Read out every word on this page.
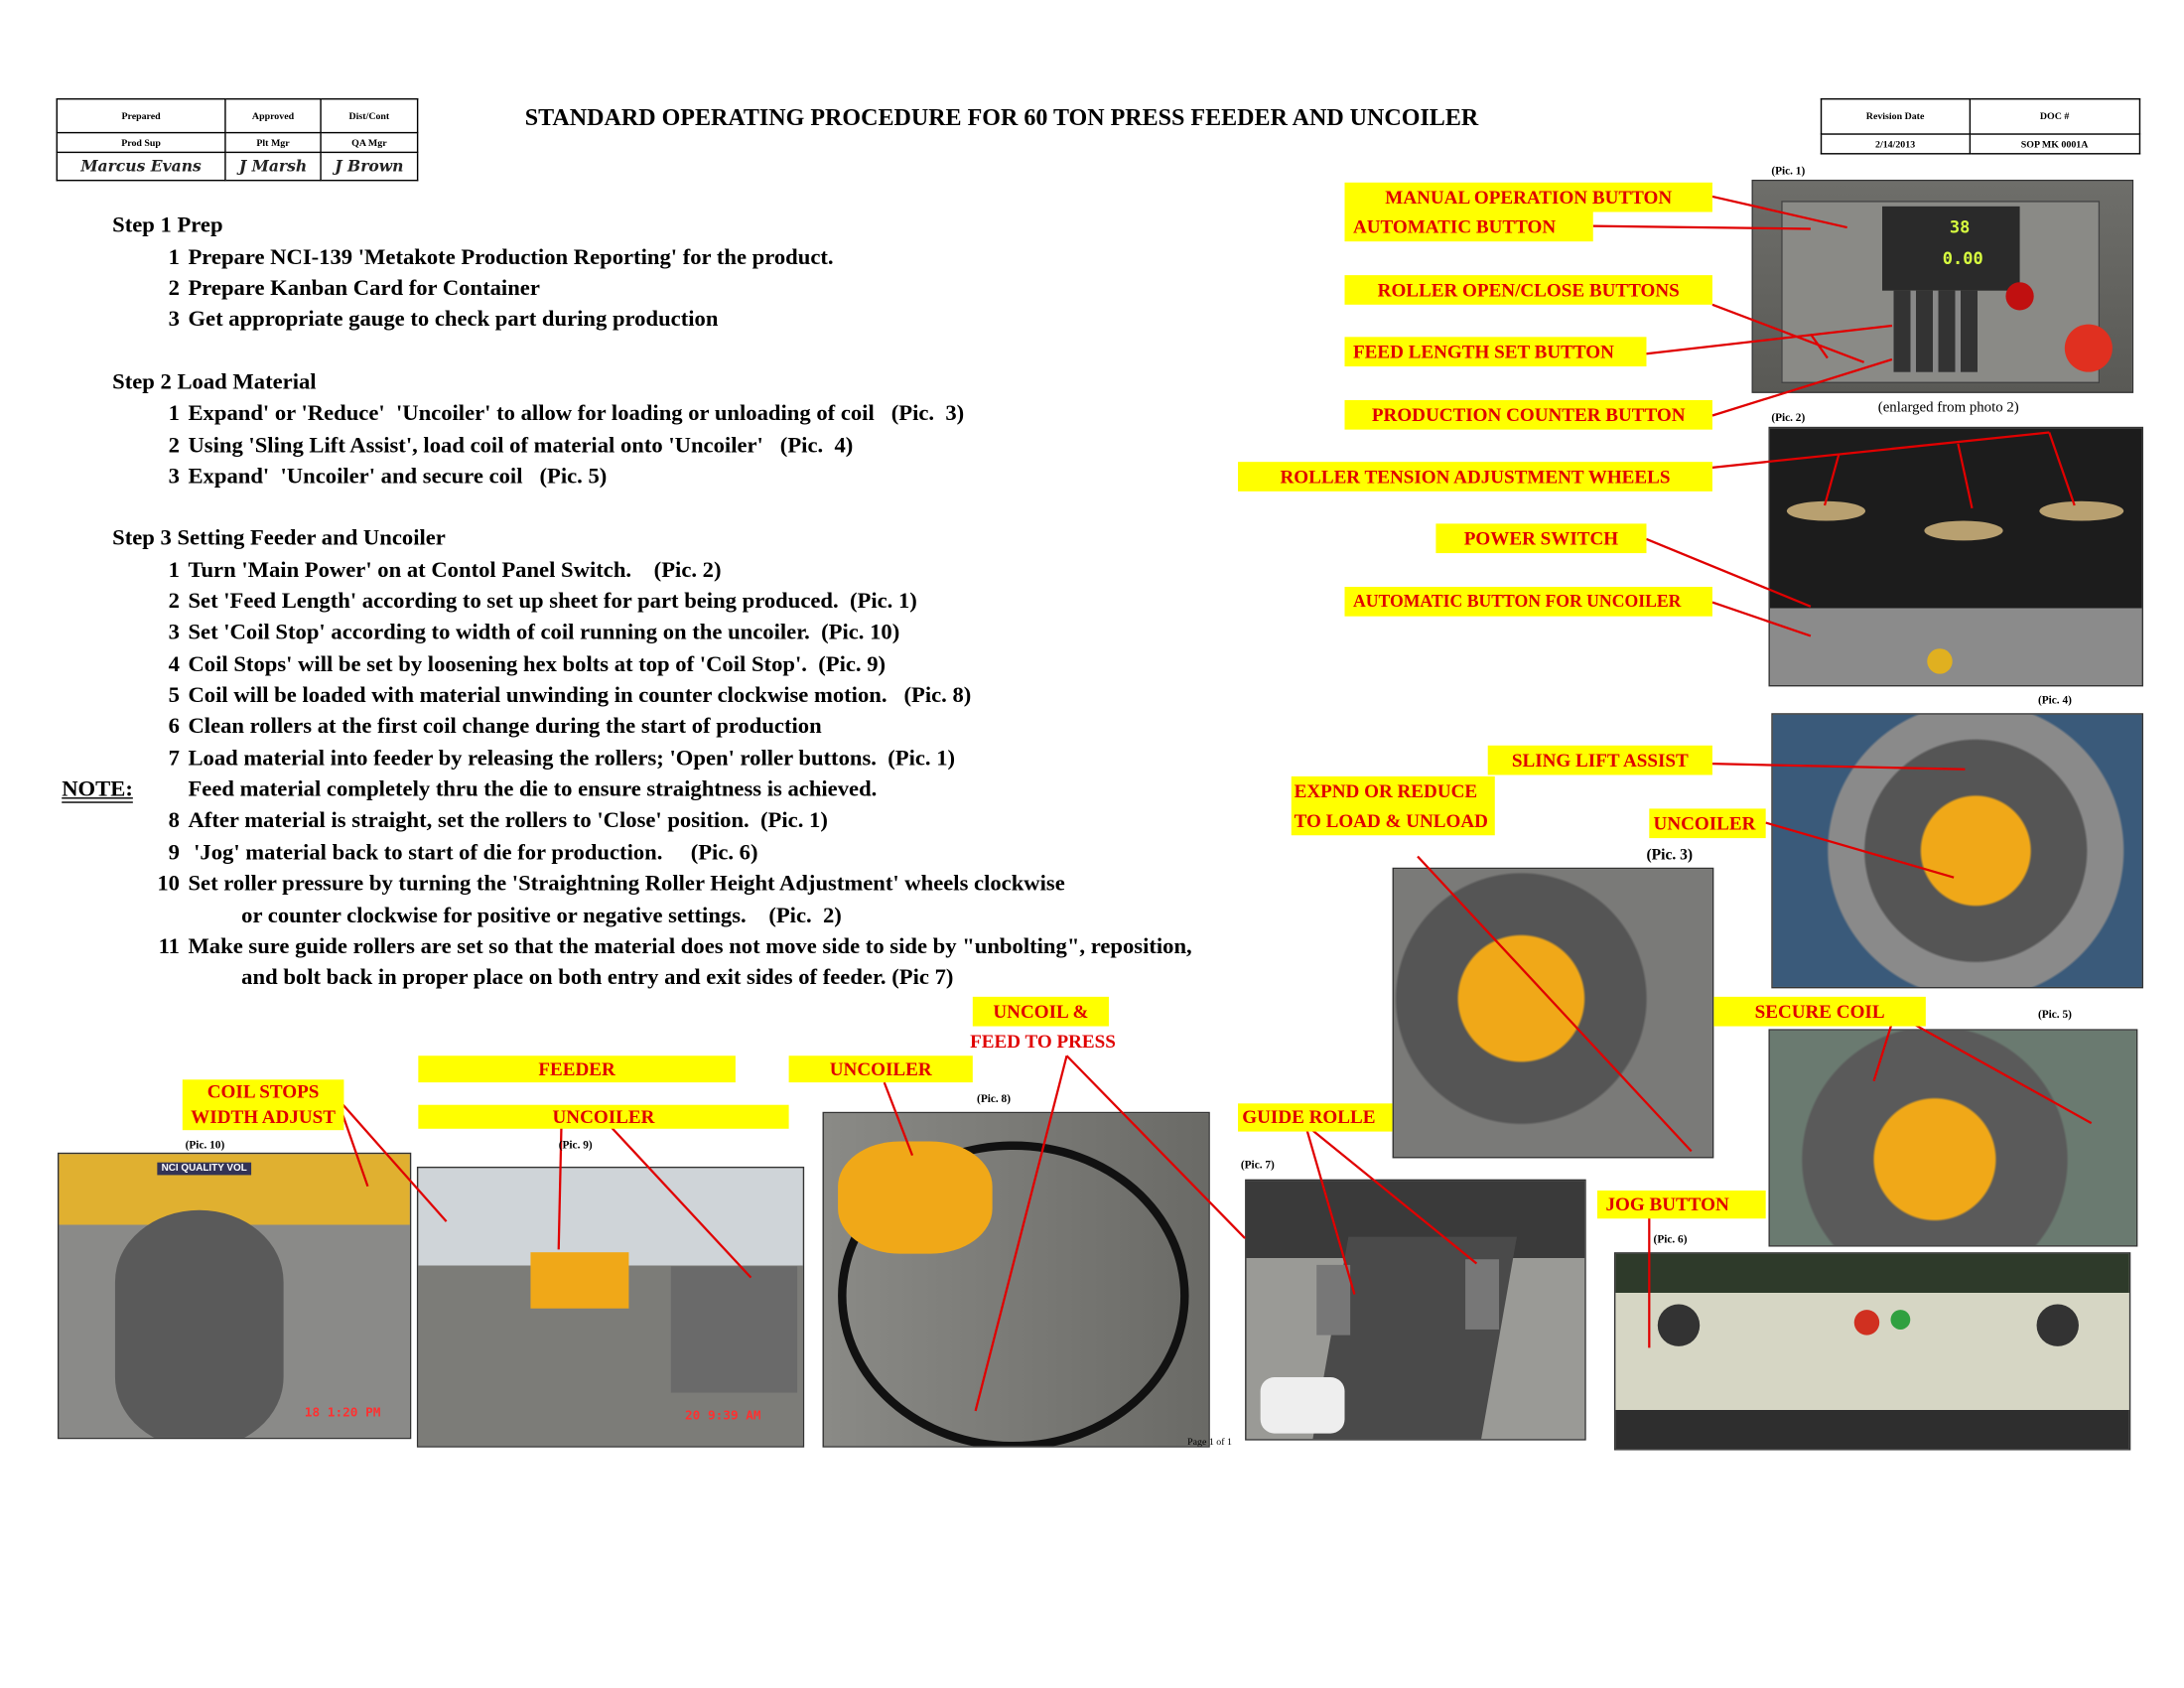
Prepared	Approved	Dist/Cont
Prod Sup	Plt Mgr	QA Mgr
Marcus Evans	J Marsh	J Brown
STANDARD OPERATING PROCEDURE FOR 60 TON PRESS FEEDER AND UNCOILER	Revision Date	DOC #
2/14/2013	SOP MK 0001A
Step 1 Prep
1 Prepare NCI-139 'Metakote Production Reporting' for the product.
2 Prepare Kanban Card for Container
3 Get appropriate gauge to check part during production
Step 2 Load Material
1 Expand' or 'Reduce'  'Uncoiler' to allow for loading or unloading of coil   (Pic.  3)
2 Using 'Sling Lift Assist', load coil of material onto 'Uncoiler'   (Pic.  4)
3 Expand'  'Uncoiler' and secure coil   (Pic. 5)
Step 3 Setting Feeder and Uncoiler
1 Turn 'Main Power' on at Contol Panel Switch.    (Pic. 2)
2 Set 'Feed Length' according to set up sheet for part being produced.  (Pic. 1)
3 Set 'Coil Stop' according to width of coil running on the uncoiler.  (Pic. 10)
4 Coil Stops' will be set by loosening hex bolts at top of 'Coil Stop'.  (Pic. 9)
5 Coil will be loaded with material unwinding in counter clockwise motion.   (Pic. 8)
6 Clean rollers at the first coil change during the start of production
7 Load material into feeder by releasing the rollers; 'Open' roller buttons.  (Pic. 1)
NOTE:	Feed material completely thru the die to ensure straightness is achieved.
8 After material is straight, set the rollers to 'Close' position.  (Pic. 1)
9 'Jog' material back to start of die for production.     (Pic. 6)
10 Set roller pressure by turning the 'Straightning Roller Height Adjustment' wheels clockwise
or counter clockwise for positive or negative settings.    (Pic.  2)
11 Make sure guide rollers are set so that the material does not move side to side by "unbolting", reposition,
and bolt back in proper place on both entry and exit sides of feeder. (Pic 7)
38
0.00
NCI QUALITY VOL
18 1:20 PM	20 9:39 AM
MANUAL OPERATION BUTTON
AUTOMATIC BUTTON
ROLLER OPEN/CLOSE BUTTONS
FEED LENGTH SET BUTTON
PRODUCTION COUNTER BUTTON
ROLLER TENSION ADJUSTMENT WHEELS
POWER SWITCH
AUTOMATIC BUTTON FOR UNCOILER
SLING LIFT ASSIST
EXPND OR REDUCE
TO LOAD & UNLOAD	UNCOILER
UNCOIL &
FEED TO PRESS
SECURE COIL
FEEDER	UNCOILER
COIL STOPS
WIDTH ADJUST	UNCOILER	GUIDE ROLLE
JOG BUTTON
(Pic. 1)
(Pic. 2)
(enlarged from photo 2)
(Pic. 4)
(Pic. 3)
(Pic. 5)
(Pic. 6)
(Pic. 7)
(Pic. 8)
(Pic. 9)
(Pic. 10)
Page 1 of 1
